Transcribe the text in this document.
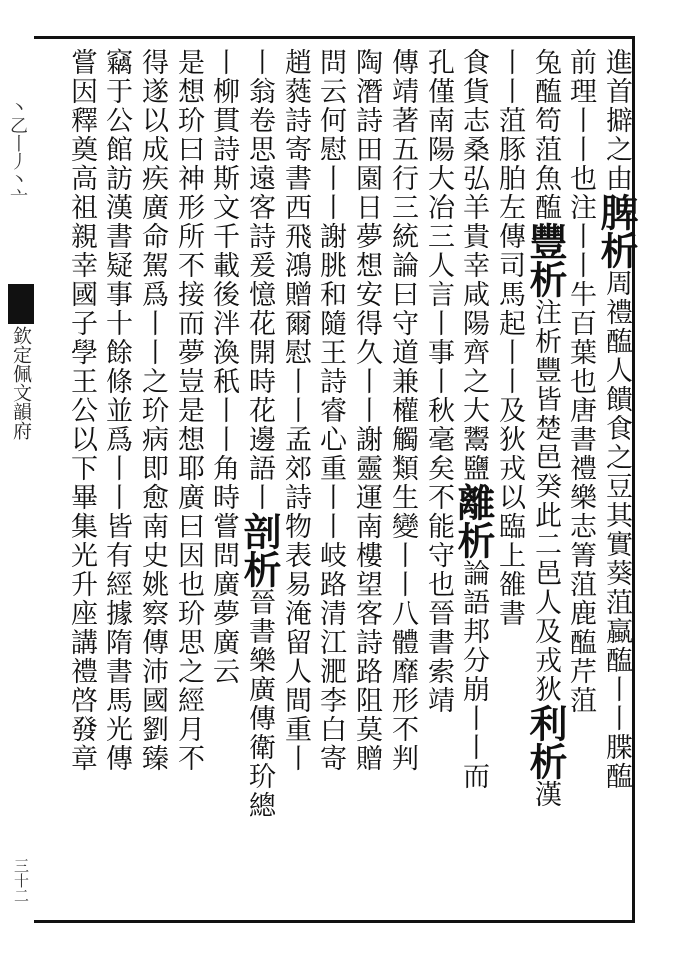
丶乙丨丿丶亠
欽定佩文韻府
三十二
進首擗之由脾析周禮醢人饋食之豆其實葵菹蠃醢丨丨䐑醢
前理丨丨也注丨丨牛百葉也唐書禮樂志箐菹鹿醢芹菹
兔醢笱菹魚醢豐析注析豐皆楚邑癸此二邑人及戎狄利析漢
丨丨菹豚胉左傳司馬起丨丨及狄戎以臨上雒書
食貨志桑弘羊貴幸咸陽齊之大鬻鹽離析論語邦分崩丨丨而
孔僅南陽大冶三人言丨事丨秋毫矣不能守也晉書索靖
傳靖著五行三統論曰守道兼權觸類生變丨丨八體靡形不判
陶潛詩田園日夢想安得久丨丨謝靈運南樓望客詩路阻莫贈
問云何慰丨丨謝朓和隨王詩睿心重丨丨岐路清江淝李白寄
趙蕤詩寄書西飛鴻贈爾慰丨丨孟郊詩物表易淹留人間重丨
丨翁卷思遠客詩爰憶花開時花邊語丨剖析晉書樂廣傳衛玠總
丨柳貫詩斯文千載後泮渙秖丨丨角時嘗問廣夢廣云
是想玠曰神形所不接而夢豈是想耶廣曰因也玠思之經月不
得遂以成疾廣命駕爲丨丨之玠病即愈南史姚察傳沛國劉臻
竊于公館訪漢書疑事十餘條並爲丨丨皆有經據隋書馬光傳
嘗因釋奠高祖親幸國子學王公以下畢集光升座講禮啓發章
